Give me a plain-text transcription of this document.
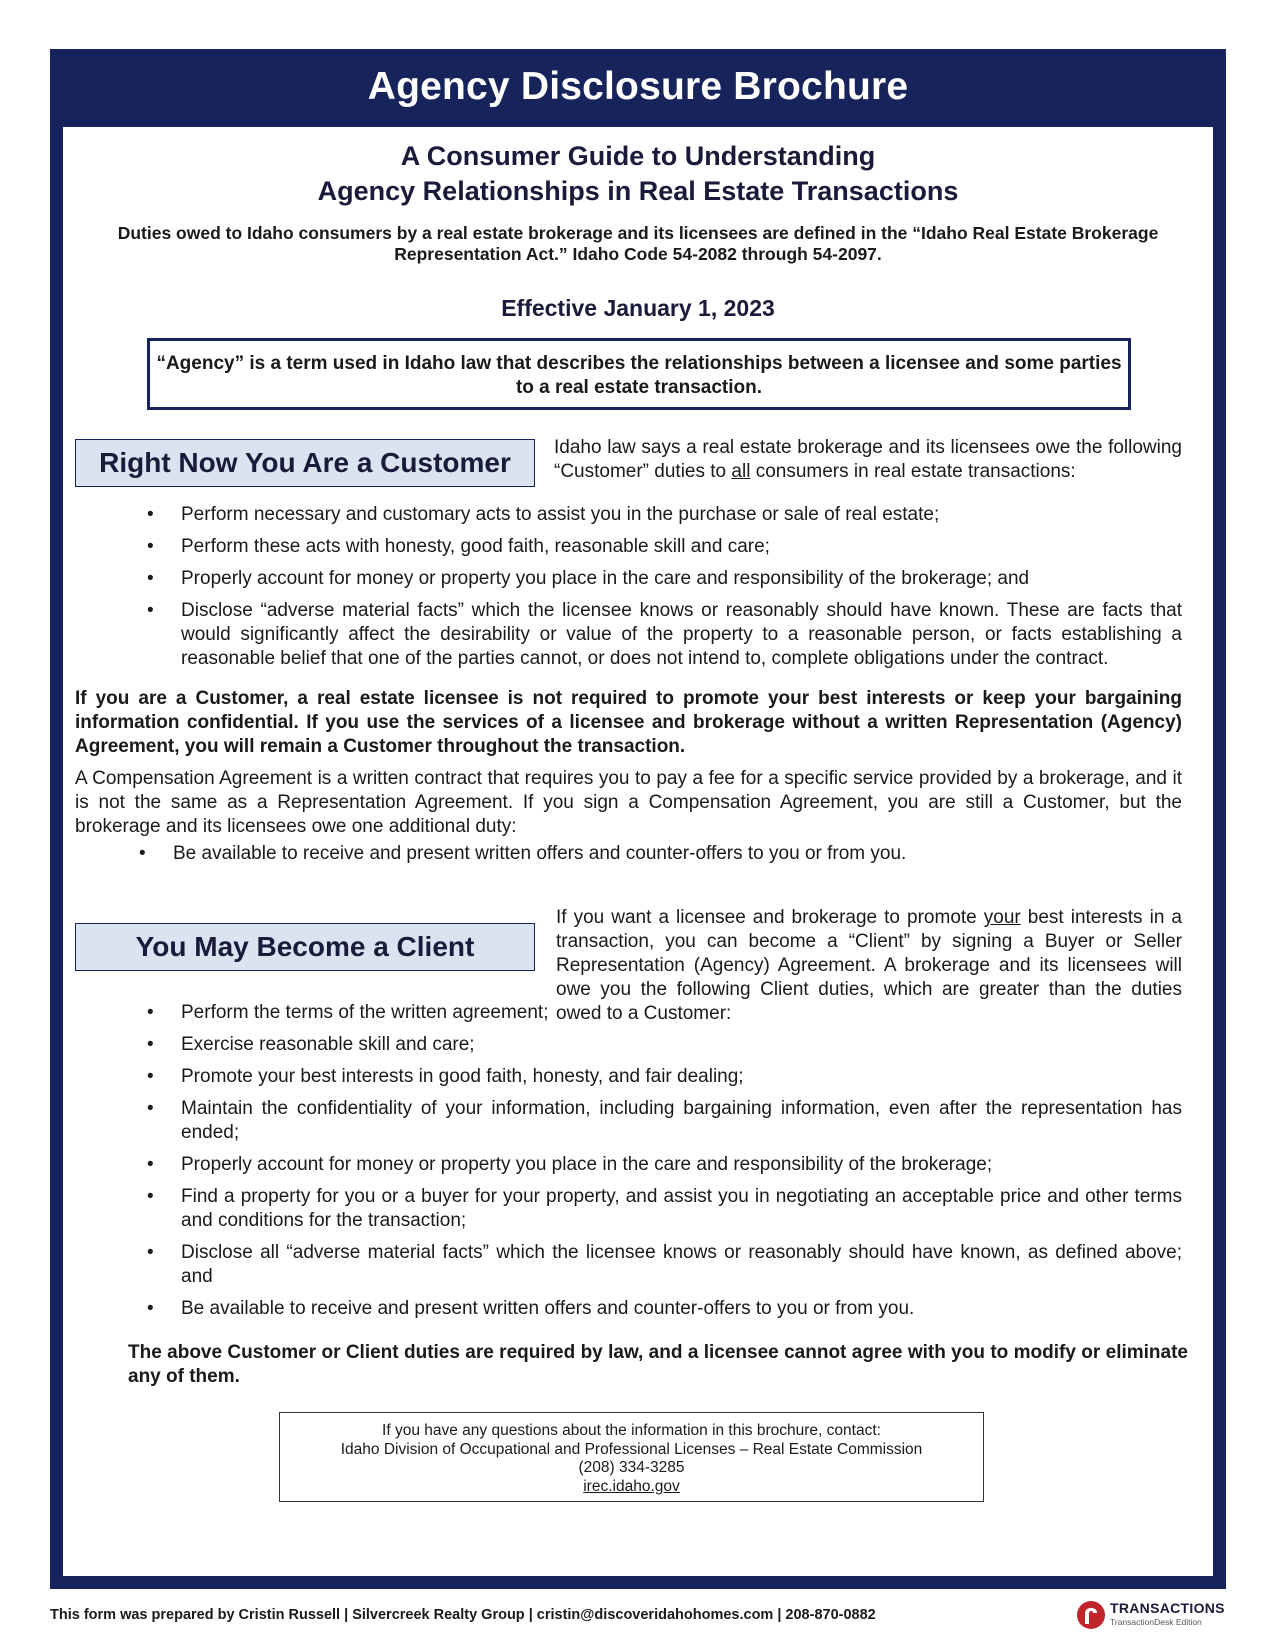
Agency Disclosure Brochure
A Consumer Guide to Understanding
Agency Relationships in Real Estate Transactions
Duties owed to Idaho consumers by a real estate brokerage and its licensees are defined in the “Idaho Real Estate Brokerage Representation Act.” Idaho Code 54-2082 through 54-2097.
Effective January 1, 2023
“Agency” is a term used in Idaho law that describes the relationships between a licensee and some parties to a real estate transaction.
Right Now You Are a Customer	Idaho law says a real estate brokerage and its licensees owe the following “Customer” duties to all consumers in real estate transactions:
• Perform necessary and customary acts to assist you in the purchase or sale of real estate;
• Perform these acts with honesty, good faith, reasonable skill and care;
• Properly account for money or property you place in the care and responsibility of the brokerage; and
• Disclose “adverse material facts” which the licensee knows or reasonably should have known. These are facts that would significantly affect the desirability or value of the property to a reasonable person, or facts establishing a reasonable belief that one of the parties cannot, or does not intend to, complete obligations under the contract.
If you are a Customer, a real estate licensee is not required to promote your best interests or keep your bargaining information confidential. If you use the services of a licensee and brokerage without a written Representation (Agency) Agreement, you will remain a Customer throughout the transaction.
A Compensation Agreement is a written contract that requires you to pay a fee for a specific service provided by a brokerage, and it is not the same as a Representation Agreement. If you sign a Compensation Agreement, you are still a Customer, but the brokerage and its licensees owe one additional duty:
• Be available to receive and present written offers and counter-offers to you or from you.
You May Become a Client
If you want a licensee and brokerage to promote your best interests in a transaction, you can become a “Client” by signing a Buyer or Seller Representation (Agency) Agreement. A brokerage and its licensees will owe you the following Client duties, which are greater than the duties owed to a Customer:
• Perform the terms of the written agreement;
• Exercise reasonable skill and care;
• Promote your best interests in good faith, honesty, and fair dealing;
• Maintain the confidentiality of your information, including bargaining information, even after the representation has ended;
• Properly account for money or property you place in the care and responsibility of the brokerage;
• Find a property for you or a buyer for your property, and assist you in negotiating an acceptable price and other terms and conditions for the transaction;
• Disclose all “adverse material facts” which the licensee knows or reasonably should have known, as defined above; and
• Be available to receive and present written offers and counter-offers to you or from you.
The above Customer or Client duties are required by law, and a licensee cannot agree with you to modify or eliminate any of them.
If you have any questions about the information in this brochure, contact:
Idaho Division of Occupational and Professional Licenses – Real Estate Commission
(208) 334-3285
irec.idaho.gov
This form was prepared by Cristin Russell | Silvercreek Realty Group | cristin@discoveridahohomes.com | 208-870-0882	TRANSACTIONS
TransactionDesk Edition
